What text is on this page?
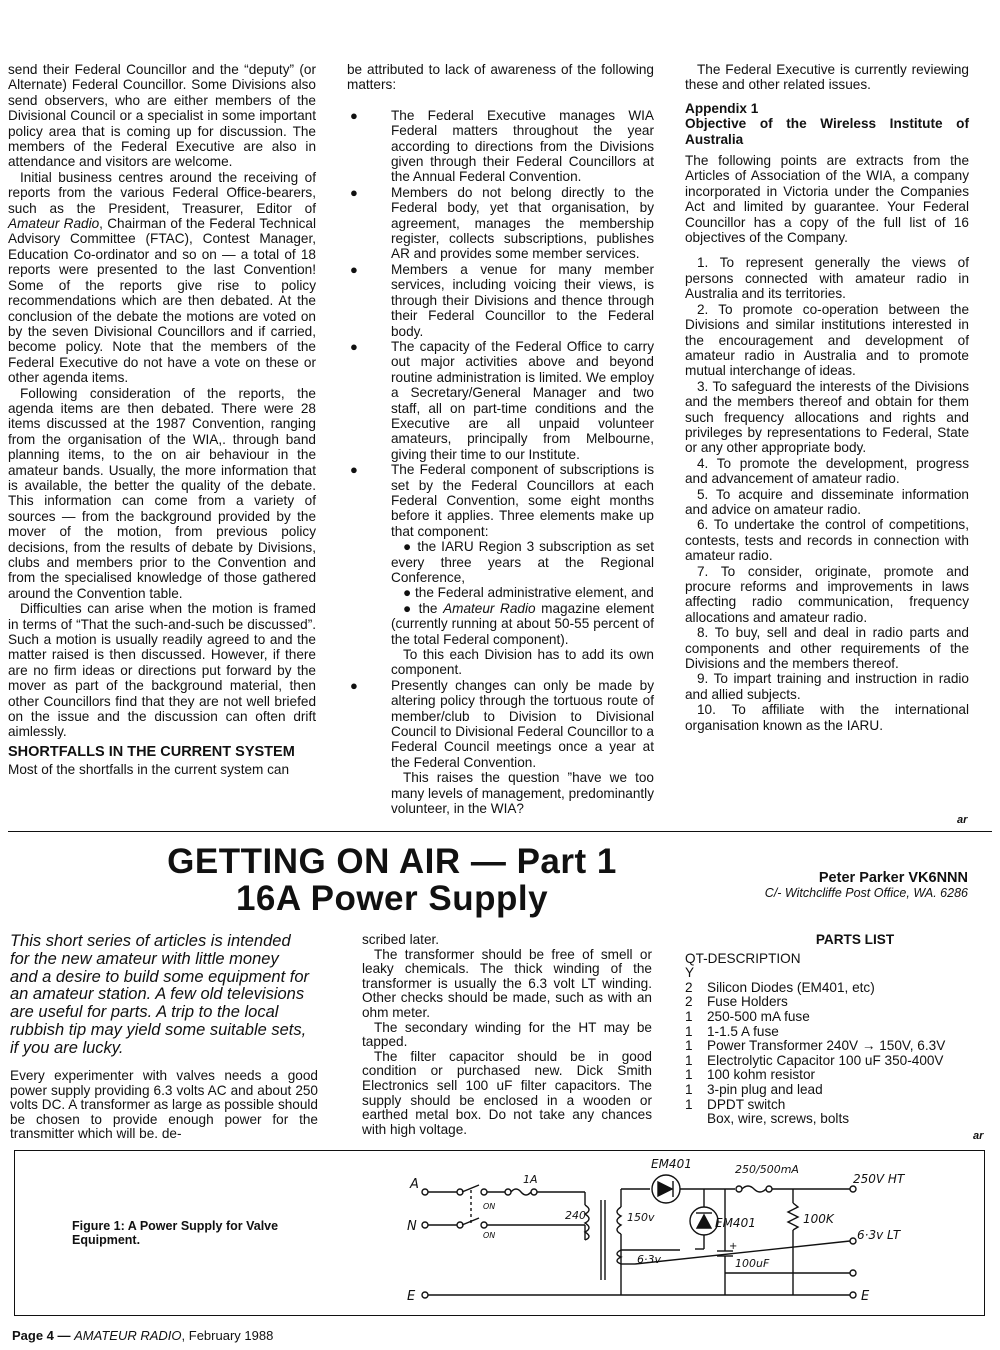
send their Federal Councillor and the “deputy” (or Alternate) Federal Councillor. Some Divisions also send observers, who are either members of the Divisional Council or a specialist in some important policy area that is coming up for discussion. The members of the Federal Executive are also in attendance and visitors are welcome.

Initial business centres around the receiving of reports from the various Federal Office-bearers, such as the President, Treasurer, Editor of Amateur Radio, Chairman of the Federal Technical Advisory Committee (FTAC), Contest Manager, Education Co-ordinator and so on — a total of 18 reports were presented to the last Convention! Some of the reports give rise to policy recommendations which are then debated. At the conclusion of the debate the motions are voted on by the seven Divisional Councillors and if carried, become policy. Note that the members of the Federal Executive do not have a vote on these or other agenda items.

Following consideration of the reports, the agenda items are then debated. There were 28 items discussed at the 1987 Convention, ranging from the organisation of the WIA,. through band planning items, to the on air behaviour in the amateur bands. Usually, the more information that is available, the better the quality of the debate. This information can come from a variety of sources — from the background provided by the mover of the motion, from previous policy decisions, from the results of debate by Divisions, clubs and members prior to the Convention and from the specialised knowledge of those gathered around the Convention table.

Difficulties can arise when the motion is framed in terms of “That the such-and-such be discussed”. Such a motion is usually readily agreed to and the matter raised is then discussed. However, if there are no firm ideas or directions put forward by the mover as part of the background material, then other Councillors find that they are not well briefed on the issue and the discussion can often drift aimlessly.

SHORTFALLS IN THE CURRENT SYSTEM

Most of the shortfalls in the current system can

be attributed to lack of awareness of the following matters:

● The Federal Executive manages WIA Federal matters throughout the year according to directions from the Divisions given through their Federal Councillors at the Annual Federal Convention.
● Members do not belong directly to the Federal body, yet that organisation, by agreement, manages the membership register, collects subscriptions, publishes AR and provides some member services.
● Members a venue for many member services, including voicing their views, is through their Divisions and thence through their Federal Councillor to the Federal body.
● The capacity of the Federal Office to carry out major activities above and beyond routine administration is limited. We employ a Secretary/General Manager and two staff, all on part-time conditions and the Executive are all unpaid volunteer amateurs, principally from Melbourne, giving their time to our Institute.
● The Federal component of subscriptions is set by the Federal Councillors at each Federal Convention, some eight months before it applies. Three elements make up that component:

● the IARU Region 3 subscription as set every three years at the Regional Conference,

● the Federal administrative element, and

● the Amateur Radio magazine element (currently running at about 50-55 percent of the total Federal component).

To this each Division has to add its own component.

● Presently changes can only be made by altering policy through the tortuous route of member/club to Division to Divisional Council to Divisional Federal Councillor to a Federal Council meetings once a year at the Federal Convention.

This raises the question ”have we too many levels of management, predominantly volunteer, in the WIA?

The Federal Executive is currently reviewing these and other related issues.

Appendix 1
Objective of the Wireless Institute of Australia

The following points are extracts from the Articles of Association of the WIA, a company incorporated in Victoria under the Companies Act and limited by guarantee. Your Federal Councillor has a copy of the full list of 16 objectives of the Company.

1. To represent generally the views of persons connected with amateur radio in Australia and its territories.

2. To promote co-operation between the Divisions and similar institutions interested in the encouragement and development of amateur radio in Australia and to promote mutual interchange of ideas.

3. To safeguard the interests of the Divisions and the members thereof and obtain for them such frequency allocations and rights and privileges by representations to Federal, State or any other appropriate body.

4. To promote the development, progress and advancement of amateur radio.

5. To acquire and disseminate information and advice on amateur radio.

6. To undertake the control of competitions, contests, tests and records in connection with amateur radio.

7. To consider, originate, promote and procure reforms and improvements in laws affecting radio communication, frequency allocations and amateur radio.

8. To buy, sell and deal in radio parts and components and other requirements of the Divisions and the members thereof.

9. To impart training and instruction in radio and allied subjects.

10. To affiliate with the international organisation known as the IARU.

ar
GETTING ON AIR — Part 1
16A Power Supply
Peter Parker VK6NNN
C/- Witchcliffe Post Office, WA. 6286
This short series of articles is intended for the new amateur with little money and a desire to build some equipment for an amateur station. A few old televisions are useful for parts. A trip to the local rubbish tip may yield some suitable sets, if you are lucky.
Every experimenter with valves needs a good power supply providing 6.3 volts AC and about 250 volts DC. A transformer as large as possible should be chosen to provide enough power for the transmitter which will be. de-

scribed later.

The transformer should be free of smell or leaky chemicals. The thick winding of the transformer is usually the 6.3 volt LT winding. Other checks should be made, such as with an ohm meter.

The secondary winding for the HT may be tapped.

The filter capacitor should be in good condition or purchased new. Dick Smith Electronics sell 100 uF filter capacitors. The supply should be enclosed in a wooden or earthed metal box. Do not take any chances with high voltage.

PARTS LIST
QT-DESCRIPTION
Y	
2	Silicon Diodes (EM401, etc)
2	Fuse Holders
1	250-500 mA fuse
1	1-1.5 A fuse
1	Power Transformer 240V → 150V, 6.3V
1	Electrolytic Capacitor 100 uF 350-400V
1	100 kohm resistor
1	3-pin plug and lead
1	DPDT switch
	Box, wire, screws, bolts
ar
Figure 1: A Power Supply for Valve Equipment.
A
N
E
ON
ON
1A
240	150v
6·3v
EM401
EM401
250/500mA
100K
100uF
+
250V HT
6·3v LT
E
Page 4 — AMATEUR RADIO, February 1988
